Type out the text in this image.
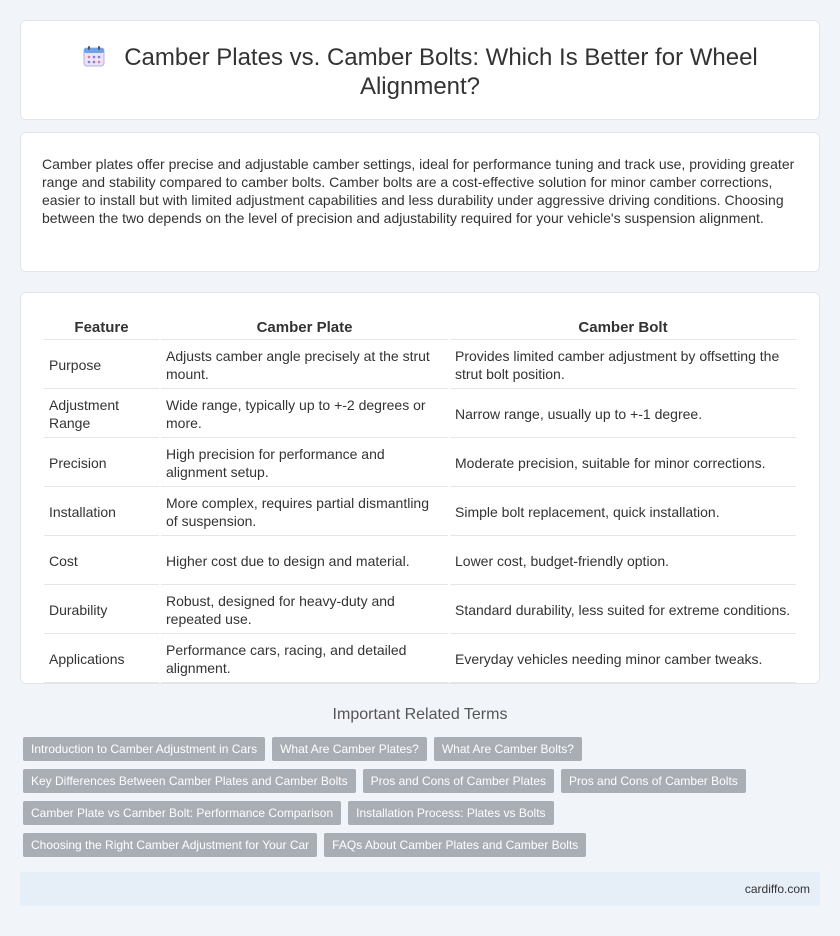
Camber Plates vs. Camber Bolts: Which Is Better for Wheel Alignment?

Camber plates offer precise and adjustable camber settings, ideal for performance tuning and track use, providing greater range and stability compared to camber bolts. Camber bolts are a cost-effective solution for minor camber corrections, easier to install but with limited adjustment capabilities and less durability under aggressive driving conditions. Choosing between the two depends on the level of precision and adjustability required for your vehicle's suspension alignment.

Feature	Camber Plate	Camber Bolt
Purpose	Adjusts camber angle precisely at the strut mount.	Provides limited camber adjustment by offsetting the strut bolt position.
Adjustment Range	Wide range, typically up to +-2 degrees or more.	Narrow range, usually up to +-1 degree.
Precision	High precision for performance and alignment setup.	Moderate precision, suitable for minor corrections.
Installation	More complex, requires partial dismantling of suspension.	Simple bolt replacement, quick installation.
Cost	Higher cost due to design and material.	Lower cost, budget-friendly option.
Durability	Robust, designed for heavy-duty and repeated use.	Standard durability, less suited for extreme conditions.
Applications	Performance cars, racing, and detailed alignment.	Everyday vehicles needing minor camber tweaks.
Important Related Terms
Introduction to Camber Adjustment in Cars	What Are Camber Plates?	What Are Camber Bolts?
Key Differences Between Camber Plates and Camber Bolts	Pros and Cons of Camber Plates	Pros and Cons of Camber Bolts
Camber Plate vs Camber Bolt: Performance Comparison	Installation Process: Plates vs Bolts
Choosing the Right Camber Adjustment for Your Car	FAQs About Camber Plates and Camber Bolts
cardiffo.com
